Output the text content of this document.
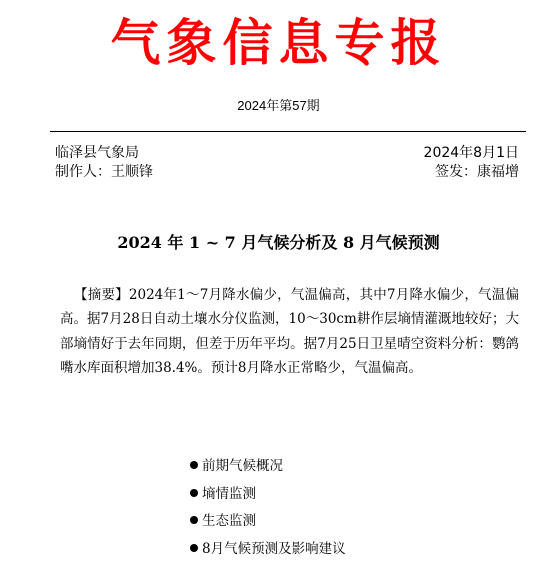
气象信息专报
2024年第57期
临泽县气象局	2024年8月1日
制作人：王顺锋	签发：康福增
2024 年 1 ~ 7 月气候分析及 8 月气候预测
【摘要】2024年1～7月降水偏少，气温偏高，其中7月降水偏少，气温偏高。据7月28日自动土壤水分仪监测，10～30cm耕作层墒情灌溉地较好；大部墒情好于去年同期，但差于历年平均。据7月25日卫星晴空资料分析：鹦鸽嘴水库面积增加38.4%。预计8月降水正常略少，气温偏高。
前期气候概况
墒情监测
生态监测
8月气候预测及影响建议
